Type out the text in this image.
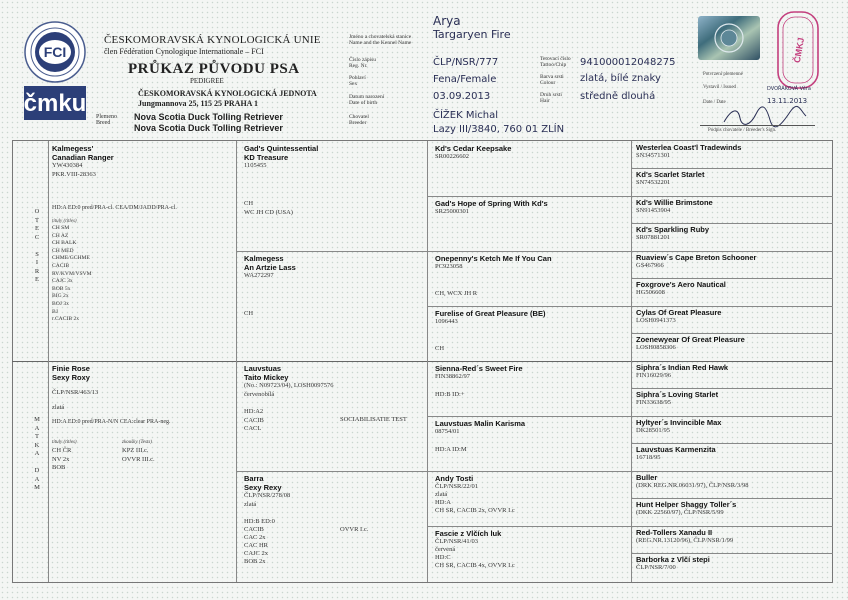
FCI
čmku
ČESKOMORAVSKÁ KYNOLOGICKÁ UNIE
člen Fédération Cynologique Internationale – FCI
PRŮKAZ PŮVODU PSA
PEDIGREE
ČESKOMORAVSKÁ KYNOLOGICKÁ JEDNOTA
Jungmannova 25, 115 25 PRAHA 1
Plemeno
Breed
Nova Scotia Duck Tolling Retriever
Nova Scotia Duck Tolling Retriever
Jméno a chovatelská stanice
Name and the Kennel Name
Číslo zápisu
Reg. Nr.
Pohlaví
Sex
Datum narození
Date of birth
Chovatel
Breeder
Arya
Targaryen Fire
ČLP/NSR/777
Fena/Female
03.09.2013
ČÍŽEK Michal
Lazy III/3840, 760 01 ZLÍN
Tetovací číslo
Tattoo/Chip
Barva srsti
Colour
Druh srsti
Hair
941000012048275
zlatá, bílé znaky
středně dlouhá
ČMKJ
Potvrzení plemenné
Vystavil / Issued	DVOŘÁKOVÁ Věra
Date / Date	13.11.2013
Podpis chovatele / Breeder's Sign.
O
T
E
C

S
I
R
E
M
A
T
K
A

D
A
M
Kalmegess'
Canadian Ranger
YW430384
PKR.VIII-28363
HD:A ED:0 pred/PRA-cl. CEA/DM/JADD/PRA-cl.
tituly (titles)
CH SM
CH AZ
CH BALK
CH MED
CHME/GCHME
CACIB
RV/KVM/VSVM
CAJC 3x
BOB 5x
BIG 2x
BOJ 3x
BJ
r.CACIB 2x
Finie Rose
Sexy Roxy
ČLP/NSR/463/13
zlatá
HD:A ED:0 pred/PRA-N/N CEA:clear PRA-neg.
tituly (titles)
CH ČR
NV 2x
BOB
zkoušky (Tests)
KPZ III.c.
OVVR III.c.
Gad's Quintessential
KD Treasure
1105455
CH
WC JH CD (USA)
Kalmegess
An Artzie Lass
WA272297
CH
Lauvstuas
Taito Mickey
(No.: N09723/04), LOSH0097576
červenobílá
HD:A2
CACIB
CACL
SOCIABILISATIE TEST
Barra
Sexy Rexy
ČLP/NSR/278/08
zlatá
HD:B ED:0
CACIB
CAC 2x
CAC HR
CAJC 2x
BOB 2x
OVVR I.c.
Kd's Cedar Keepsake
SR00226602
Gad's Hope of Spring With Kd's
SR25000301
Onepenny's Ketch Me If You Can
PC923058
CH, WCX JH R
Furelise of Great Pleasure (BE)
1096443
CH
Sienna-Red´s Sweet Fire
FIN38862/97
HD:B ID:+
Lauvstuas Malin Karisma
08754/01
HD:A ID:M
Andy Tosti
ČLP/NSR/22/01
zlatá
HD:A
CH SR, CACIB 2x, OVVR I.c
Fascie z Vlčích luk
ČLP/NSR/41/03
červená
HD:C
CH SR, CACIB 4x, OVVR I.c
Westerlea Coast'l Tradewinds
SN34571301
Kd's Scarlet Starlet
SN74532201
Kd's Willie Brimstone
SN91453904
Kd's Sparkling Ruby
SR07881201
Ruaview´s Cape Breton Schooner
GS467966
Foxgrove's Aero Nautical
HG506608
Cylas Of Great Pleasure
LOSH0941373
Zoenewyear Of Great Pleasure
LOSH0858306
Siphra´s Indian Red Hawk
FIN16029/96
Siphra´s Loving Starlet
FIN33638/95
Hyltyer´s Invincible Max
DK28501/95
Lauvstuas Karmenzita
16718/95
Buller
(DRK REG.NR.06031/97), ČLP/NSR/3/98
Hunt Helper Shaggy Toller´s
(DKK 22560/97), ČLP/NSR/5/99
Red-Tollers Xanadu II
(REG.NR.13120/96), ČLP/NSR/1/99
Barborka z Vlčí stepi
ČLP/NSR/7/00
